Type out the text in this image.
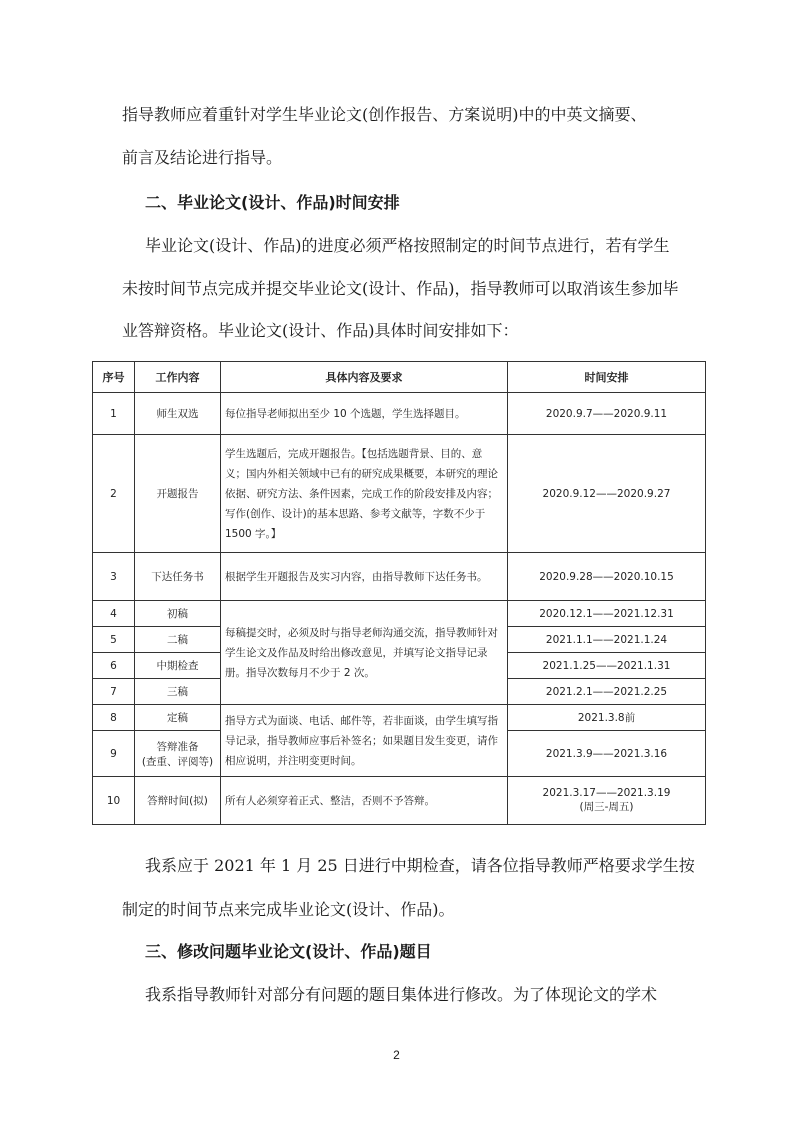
指导教师应着重针对学生毕业论文(创作报告、方案说明)中的中英文摘要、

前言及结论进行指导。

二、毕业论文(设计、作品)时间安排

毕业论文(设计、作品)的进度必须严格按照制定的时间节点进行，若有学生

未按时间节点完成并提交毕业论文(设计、作品)，指导教师可以取消该生参加毕

业答辩资格。毕业论文(设计、作品)具体时间安排如下：

序号	工作内容	具体内容及要求	时间安排
1	师生双选	每位指导老师拟出至少 10 个选题，学生选择题目。	2020.9.7——2020.9.11
2	开题报告	学生选题后，完成开题报告。【包括选题背景、目的、意义；国内外相关领域中已有的研究成果概要，本研究的理论依据、研究方法、条件因素，完成工作的阶段安排及内容；写作(创作、设计)的基本思路、参考文献等，字数不少于 1500 字。】	2020.9.12——2020.9.27
3	下达任务书	根据学生开题报告及实习内容，由指导教师下达任务书。	2020.9.28——2020.10.15
4	初稿	每稿提交时，必须及时与指导老师沟通交流，指导教师针对学生论文及作品及时给出修改意见，并填写论文指导记录册。指导次数每月不少于 2 次。	2020.12.1——2021.12.31
5	二稿		2021.1.1——2021.1.24
6	中期检查		2021.1.25——2021.1.31
7	三稿		2021.2.1——2021.2.25
8	定稿	指导方式为面谈、电话、邮件等，若非面谈，由学生填写指导记录，指导教师应事后补签名；如果题目发生变更，请作相应说明，并注明变更时间。	2021.3.8前
9	答辩准备
(查重、评阅等)		2021.3.9——2021.3.16
10	答辩时间(拟)	所有人必须穿着正式、整洁，否则不予答辩。	2021.3.17——2021.3.19
(周三-周五)

我系应于 2021 年 1 月 25 日进行中期检查，请各位指导教师严格要求学生按

制定的时间节点来完成毕业论文(设计、作品)。

三、修改问题毕业论文(设计、作品)题目

我系指导教师针对部分有问题的题目集体进行修改。为了体现论文的学术

2
